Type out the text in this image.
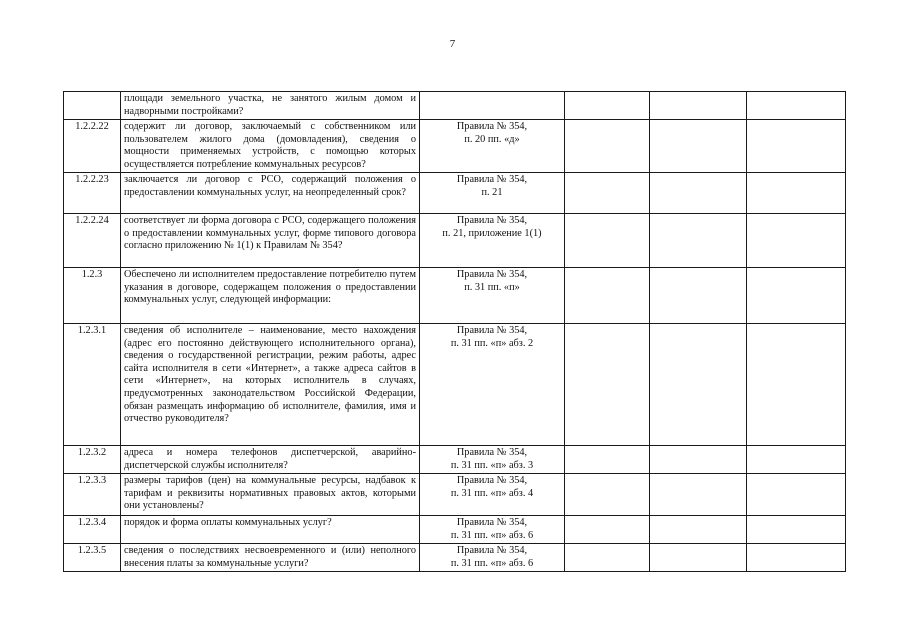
7
	площади земельного участка, не занятого жилым домом и надворными постройками?	

1.2.2.22	содержит ли договор, заключаемый с собственником или пользователем жилого дома (домовладения), сведения о мощности применяемых устройств, с помощью которых осуществляется потребление коммунальных ресурсов?	Правила № 354,
п. 20 пп. «д»			

1.2.2.23	заключается ли договор с РСО, содержащий положения о предоставлении коммунальных услуг, на неопределенный срок?	Правила № 354,
п. 21			

1.2.2.24	соответствует ли форма договора с РСО, содержащего положения о предоставлении коммунальных услуг, форме типового договора согласно приложению № 1(1) к Правилам № 354?	Правила № 354,
п. 21, приложение 1(1)			

1.2.3	Обеспечено ли исполнителем предоставление потребителю путем указания в договоре, содержащем положения о предоставлении коммунальных услуг, следующей информации:	Правила № 354,
п. 31 пп. «п»			

1.2.3.1	сведения об исполнителе – наименование, место нахождения (адрес его постоянно действующего исполнительного органа), сведения о государственной регистрации, режим работы, адрес сайта исполнителя в сети «Интернет», а также адреса сайтов в сети «Интернет», на которых исполнитель в случаях, предусмотренных законодательством Российской Федерации, обязан размещать информацию об исполнителе, фамилия, имя и отчество руководителя?	Правила № 354,
п. 31 пп. «п» абз. 2			

1.2.3.2	адреса и номера телефонов диспетчерской, аварийно-диспетчерской службы исполнителя?	Правила № 354,
п. 31 пп. «п» абз. 3			

1.2.3.3	размеры тарифов (цен) на коммунальные ресурсы, надбавок к тарифам и реквизиты нормативных правовых актов, которыми они установлены?	Правила № 354,
п. 31 пп. «п» абз. 4			

1.2.3.4	порядок и форма оплаты коммунальных услуг?	Правила № 354,
п. 31 пп. «п» абз. 6			

1.2.3.5	сведения о последствиях несвоевременного и (или) неполного внесения платы за коммунальные услуги?	Правила № 354,
п. 31 пп. «п» абз. 6			
